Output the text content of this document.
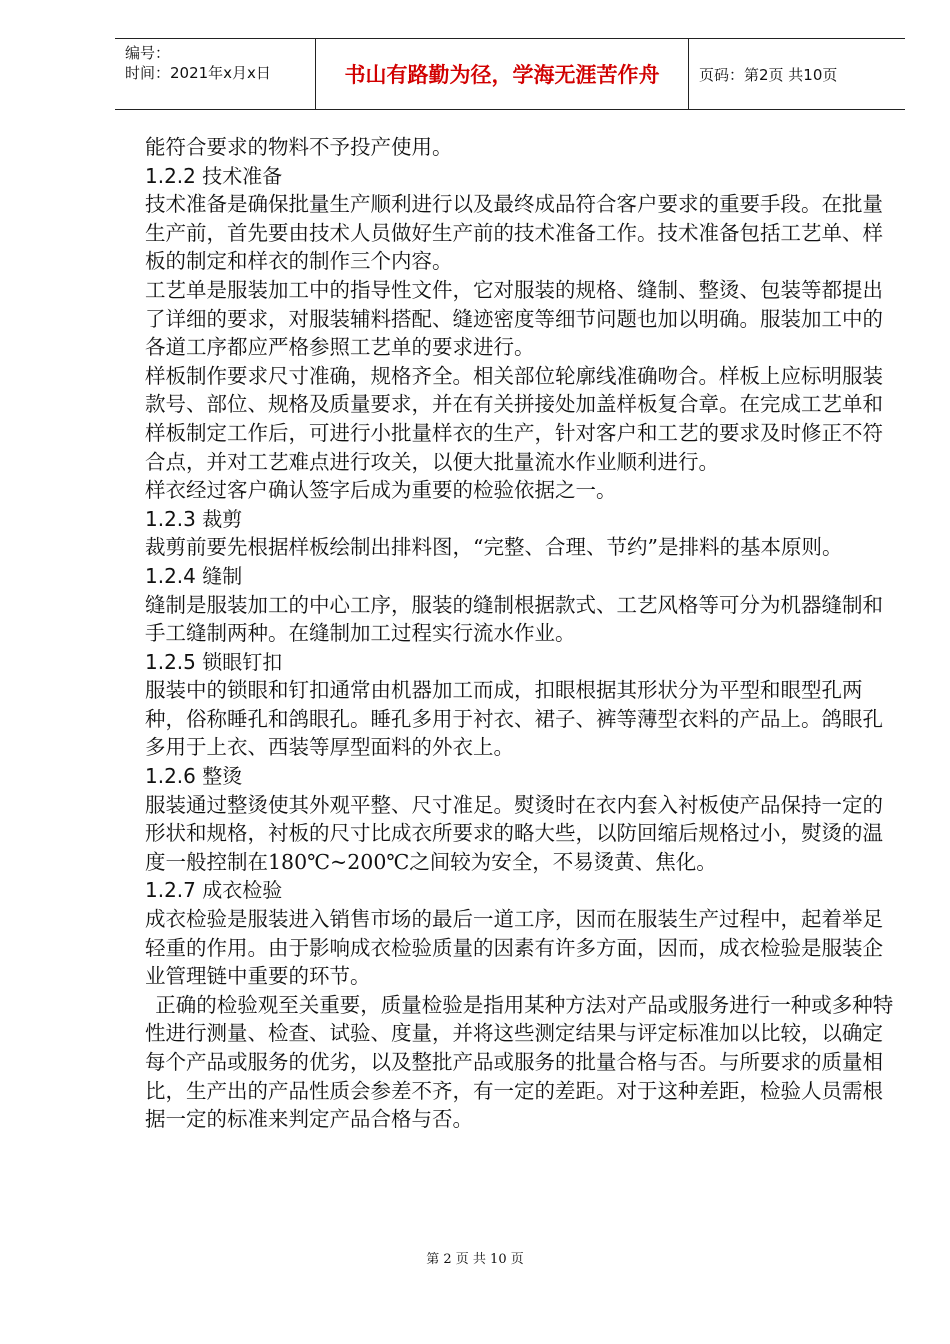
编号：
时间：2021年x月x日	书山有路勤为径，学海无涯苦作舟	页码：第2页 共10页

能符合要求的物料不予投产使用。

1.2.2 技术准备

技术准备是确保批量生产顺利进行以及最终成品符合客户要求的重要手段。在批量生产前，首先要由技术人员做好生产前的技术准备工作。技术准备包括工艺单、样板的制定和样衣的制作三个内容。

工艺单是服装加工中的指导性文件，它对服装的规格、缝制、整烫、包装等都提出了详细的要求，对服装辅料搭配、缝迹密度等细节问题也加以明确。服装加工中的各道工序都应严格参照工艺单的要求进行。

样板制作要求尺寸准确，规格齐全。相关部位轮廓线准确吻合。样板上应标明服装款号、部位、规格及质量要求，并在有关拼接处加盖样板复合章。在完成工艺单和样板制定工作后，可进行小批量样衣的生产，针对客户和工艺的要求及时修正不符合点，并对工艺难点进行攻关，以便大批量流水作业顺利进行。

样衣经过客户确认签字后成为重要的检验依据之一。

1.2.3 裁剪

裁剪前要先根据样板绘制出排料图，“完整、合理、节约”是排料的基本原则。

1.2.4 缝制

缝制是服装加工的中心工序，服装的缝制根据款式、工艺风格等可分为机器缝制和手工缝制两种。在缝制加工过程实行流水作业。

1.2.5 锁眼钉扣

服装中的锁眼和钉扣通常由机器加工而成，扣眼根据其形状分为平型和眼型孔两种，俗称睡孔和鸽眼孔。睡孔多用于衬衣、裙子、裤等薄型衣料的产品上。鸽眼孔多用于上衣、西装等厚型面料的外衣上。

1.2.6 整烫

服装通过整烫使其外观平整、尺寸准足。熨烫时在衣内套入衬板使产品保持一定的形状和规格，衬板的尺寸比成衣所要求的略大些，以防回缩后规格过小，熨烫的温度一般控制在180℃~200℃之间较为安全，不易烫黄、焦化。

1.2.7 成衣检验

成衣检验是服装进入销售市场的最后一道工序，因而在服装生产过程中，起着举足轻重的作用。由于影响成衣检验质量的因素有许多方面，因而，成衣检验是服装企业管理链中重要的环节。

正确的检验观至关重要，质量检验是指用某种方法对产品或服务进行一种或多种特性进行测量、检查、试验、度量，并将这些测定结果与评定标准加以比较，以确定每个产品或服务的优劣，以及整批产品或服务的批量合格与否。与所要求的质量相比，生产出的产品性质会参差不齐，有一定的差距。对于这种差距，检验人员需根据一定的标准来判定产品合格与否。

第 2 页 共 10 页
